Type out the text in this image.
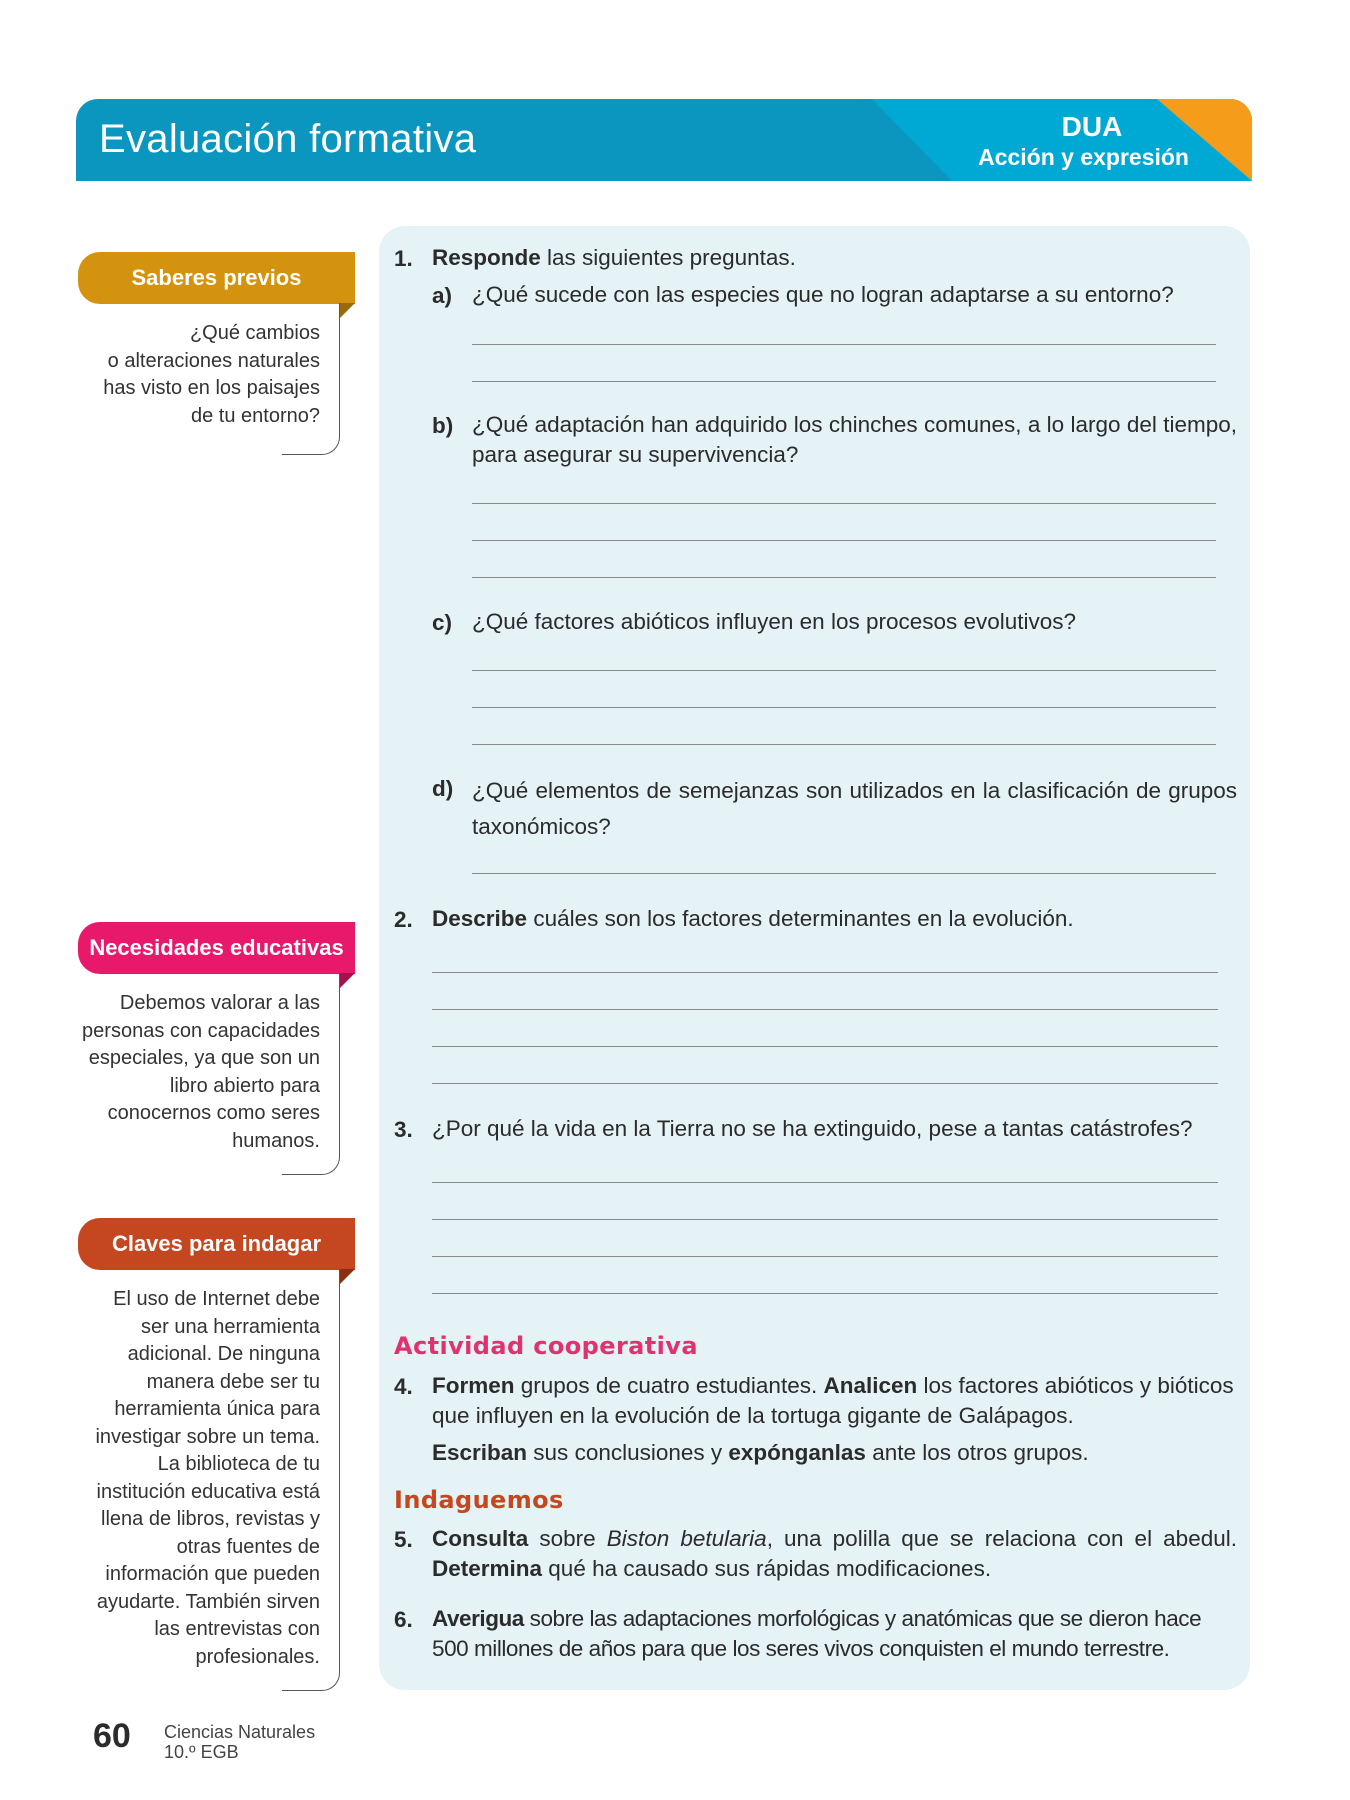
Evaluación formativa	DUA
Acción y expresión
Saberes previos
¿Qué cambios
o alteraciones naturales
has visto en los paisajes
de tu entorno?
Necesidades educativas
Debemos valorar a las
personas con capacidades
especiales, ya que son un
libro abierto para
conocernos como seres
humanos.
Claves para indagar
El uso de Internet debe
ser una herramienta
adicional. De ninguna
manera debe ser tu
herramienta única para
investigar sobre un tema.
La biblioteca de tu
institución educativa está
llena de libros, revistas y
otras fuentes de
información que pueden
ayudarte. También sirven
las entrevistas con
profesionales.
1. Responde las siguientes preguntas.
a) ¿Qué sucede con las especies que no logran adaptarse a su entorno?
b) ¿Qué adaptación han adquirido los chinches comunes, a lo largo del tiempo, para asegurar su supervivencia?
c) ¿Qué factores abióticos influyen en los procesos evolutivos?
d) ¿Qué elementos de semejanzas son utilizados en la clasificación de grupos taxonómicos?
2. Describe cuáles son los factores determinantes en la evolución.
3. ¿Por qué la vida en la Tierra no se ha extinguido, pese a tantas catástrofes?
Actividad cooperativa
4. Formen grupos de cuatro estudiantes. Analicen los factores abióticos y bióticos que influyen en la evolución de la tortuga gigante de Galápagos.
Escriban sus conclusiones y expónganlas ante los otros grupos.
Indaguemos
5. Consulta sobre Biston betularia, una polilla que se relaciona con el abedul. Determina qué ha causado sus rápidas modificaciones.
6. Averigua sobre las adaptaciones morfológicas y anatómicas que se dieron hace 500 millones de años para que los seres vivos conquisten el mundo terrestre.
60 Ciencias Naturales
10.º EGB
